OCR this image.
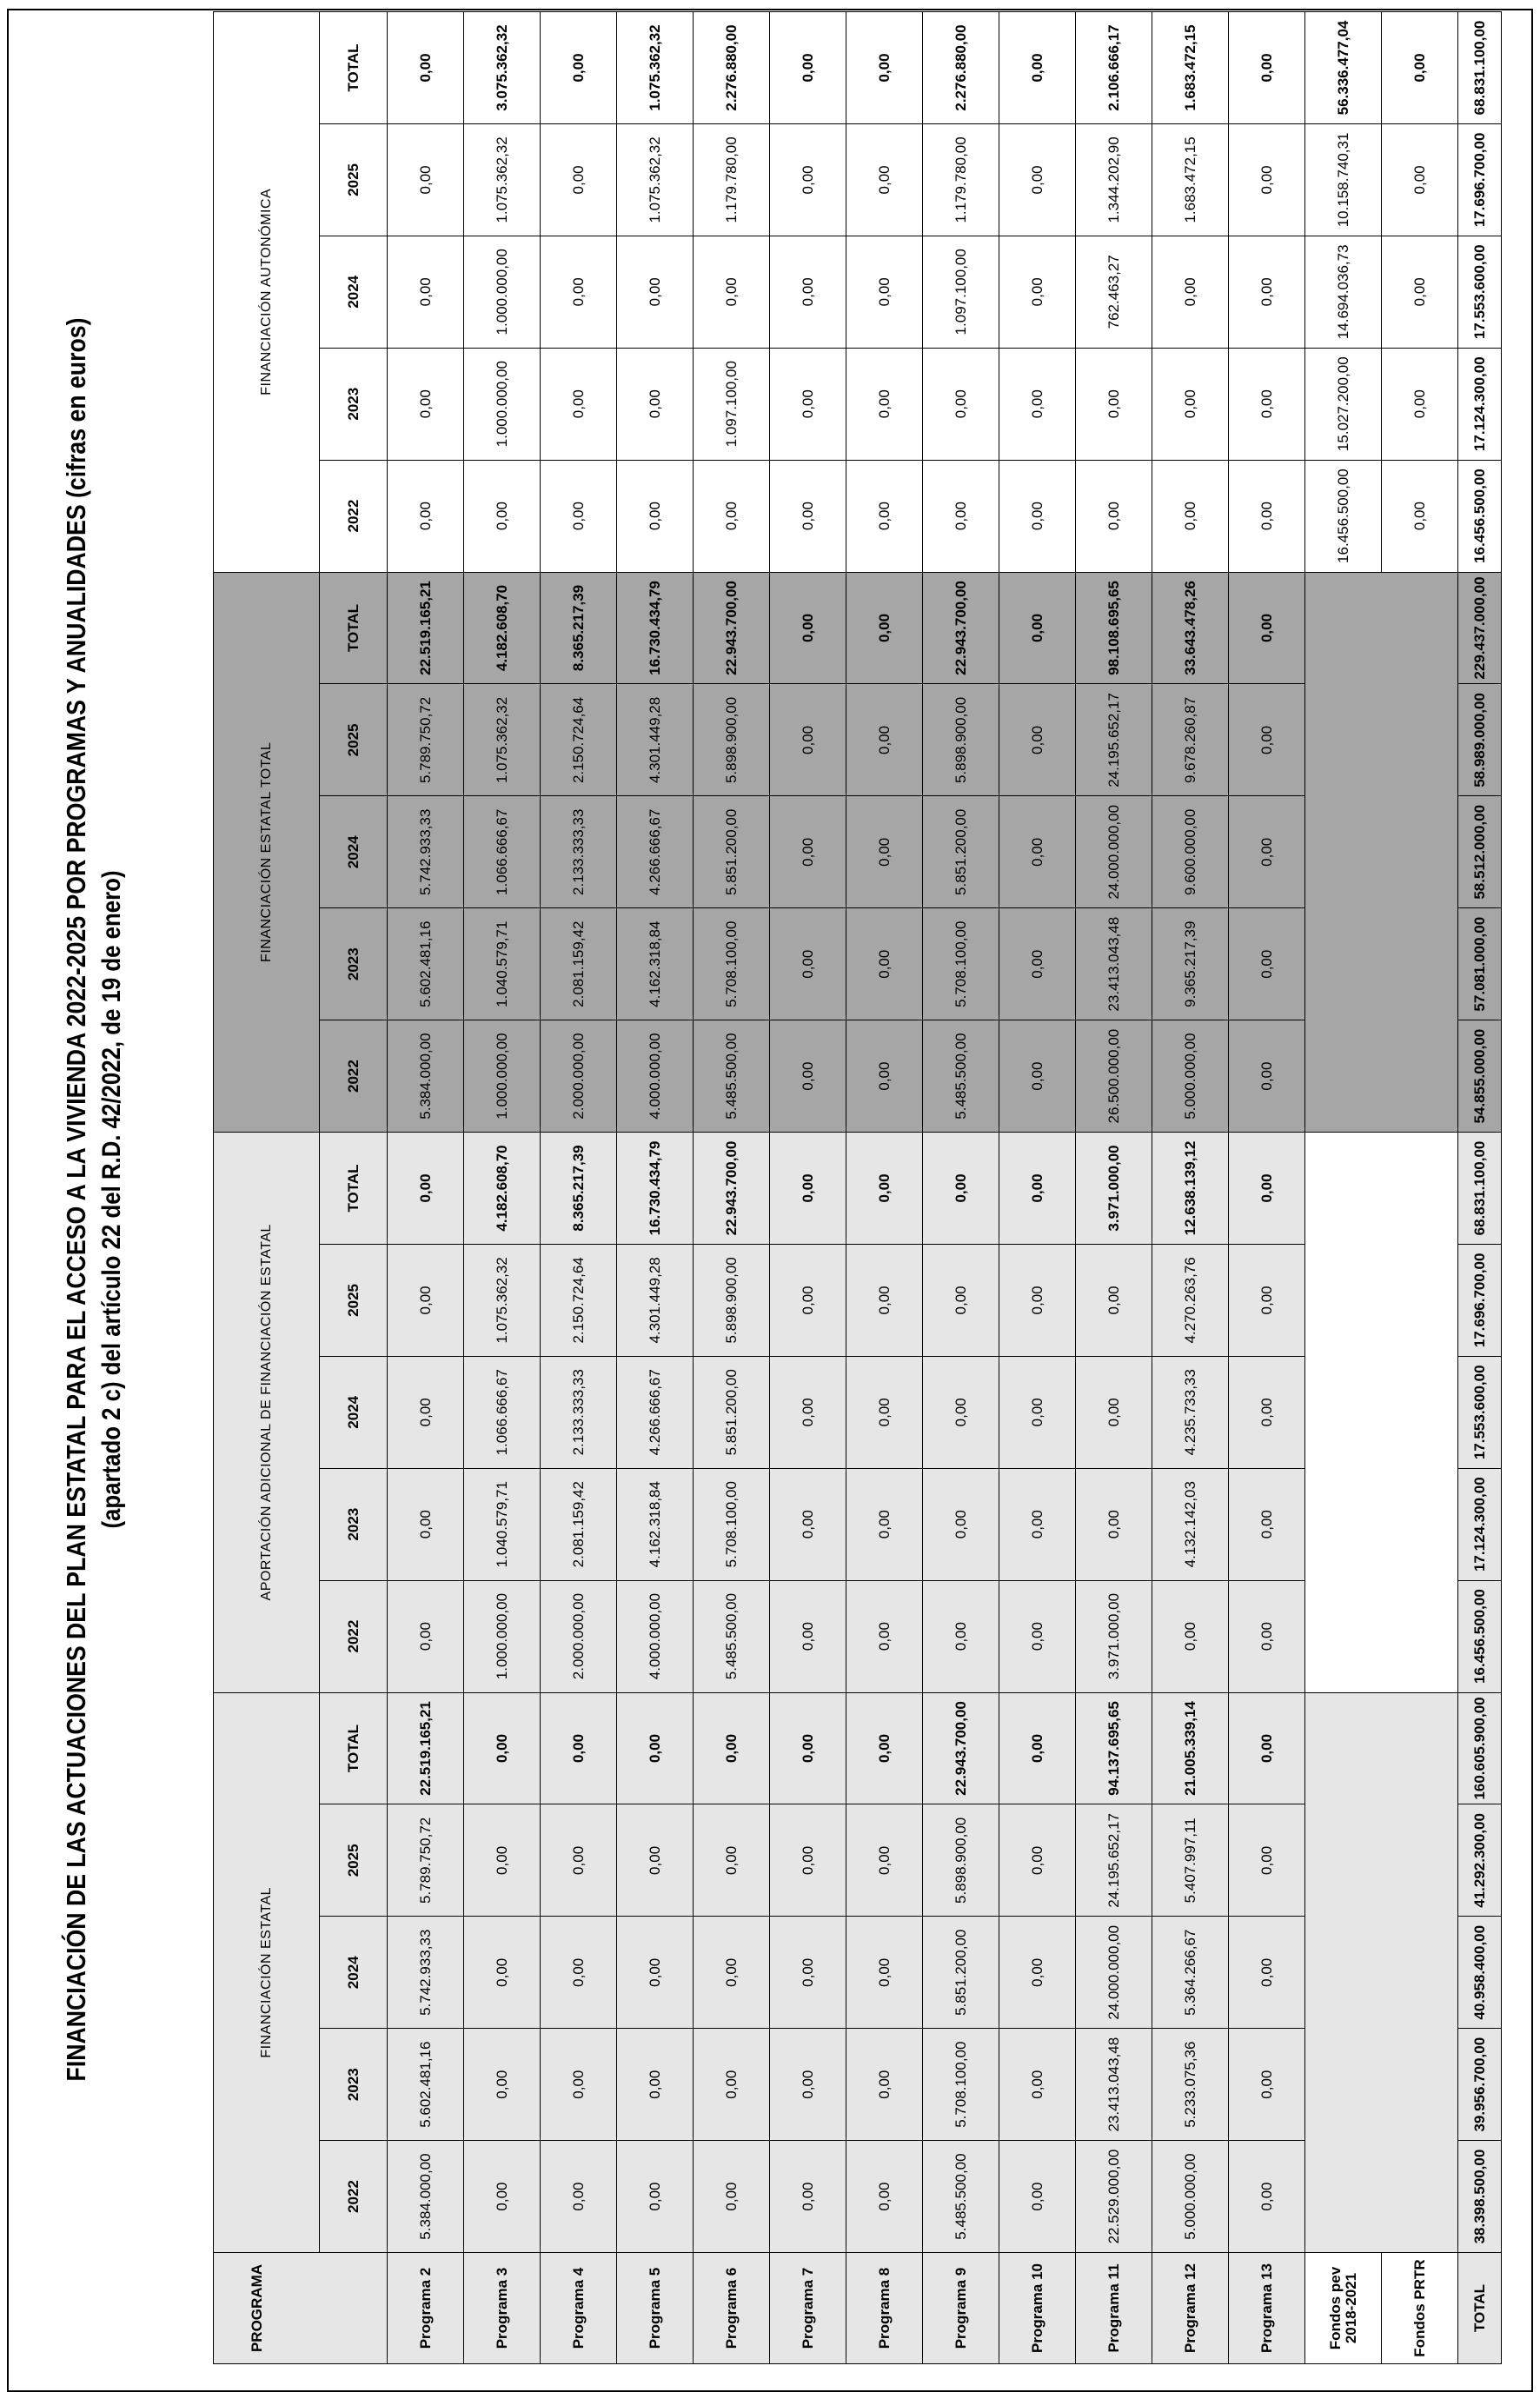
FINANCIACIÓN DE LAS ACTUACIONES DEL PLAN ESTATAL PARA EL ACCESO A LA VIVIENDA 2022-2025 POR PROGRAMAS Y ANUALIDADES (cifras en euros) (apartado 2 c) del artículo 22 del R.D. 42/2022, de 19 de enero)
PROGRAMA	FINANCIACIÓN ESTATAL					APORTACIÓN ADICIONAL DE FINANCIACIÓN ESTATAL					FINANCIACIÓN ESTATAL TOTAL					FINANCIACIÓN AUTONÓMICA				
	2022	2023	2024	2025	TOTAL	2022	2023	2024	2025	TOTAL	2022	2023	2024	2025	TOTAL	2022	2023	2024	2025	TOTAL
Programa 2	5.384.000,00	5.602.481,16	5.742.933,33	5.789.750,72	22.519.165,21	0,00	0,00	0,00	0,00	0,00	5.384.000,00	5.602.481,16	5.742.933,33	5.789.750,72	22.519.165,21	0,00	0,00	0,00	0,00	0,00
Programa 3	0,00	0,00	0,00	0,00	0,00	1.000.000,00	1.040.579,71	1.066.666,67	1.075.362,32	4.182.608,70	1.000.000,00	1.040.579,71	1.066.666,67	1.075.362,32	4.182.608,70	0,00	1.000.000,00	1.000.000,00	1.075.362,32	3.075.362,32
Programa 4	0,00	0,00	0,00	0,00	0,00	2.000.000,00	2.081.159,42	2.133.333,33	2.150.724,64	8.365.217,39	2.000.000,00	2.081.159,42	2.133.333,33	2.150.724,64	8.365.217,39	0,00	0,00	0,00	0,00	0,00
Programa 5	0,00	0,00	0,00	0,00	0,00	4.000.000,00	4.162.318,84	4.266.666,67	4.301.449,28	16.730.434,79	4.000.000,00	4.162.318,84	4.266.666,67	4.301.449,28	16.730.434,79	0,00	0,00	0,00	1.075.362,32	1.075.362,32
Programa 6	0,00	0,00	0,00	0,00	0,00	5.485.500,00	5.708.100,00	5.851.200,00	5.898.900,00	22.943.700,00	5.485.500,00	5.708.100,00	5.851.200,00	5.898.900,00	22.943.700,00	0,00	1.097.100,00	0,00	1.179.780,00	2.276.880,00
Programa 7	0,00	0,00	0,00	0,00	0,00	0,00	0,00	0,00	0,00	0,00	0,00	0,00	0,00	0,00	0,00	0,00	0,00	0,00	0,00	0,00
Programa 8	0,00	0,00	0,00	0,00	0,00	0,00	0,00	0,00	0,00	0,00	0,00	0,00	0,00	0,00	0,00	0,00	0,00	0,00	0,00	0,00
Programa 9	5.485.500,00	5.708.100,00	5.851.200,00	5.898.900,00	22.943.700,00	0,00	0,00	0,00	0,00	0,00	5.485.500,00	5.708.100,00	5.851.200,00	5.898.900,00	22.943.700,00	0,00	0,00	1.097.100,00	1.179.780,00	2.276.880,00
Programa 10	0,00	0,00	0,00	0,00	0,00	0,00	0,00	0,00	0,00	0,00	0,00	0,00	0,00	0,00	0,00	0,00	0,00	0,00	0,00	0,00
Programa 11	22.529.000,00	23.413.043,48	24.000.000,00	24.195.652,17	94.137.695,65	3.971.000,00	0,00	0,00	0,00	3.971.000,00	26.500.000,00	23.413.043,48	24.000.000,00	24.195.652,17	98.108.695,65	0,00	0,00	762.463,27	1.344.202,90	2.106.666,17
Programa 12	5.000.000,00	5.233.075,36	5.364.266,67	5.407.997,11	21.005.339,14	0,00	4.132.142,03	4.235.733,33	4.270.263,76	12.638.139,12	5.000.000,00	9.365.217,39	9.600.000,00	9.678.260,87	33.643.478,26	0,00	0,00	0,00	1.683.472,15	1.683.472,15
Programa 13	0,00	0,00	0,00	0,00	0,00	0,00	0,00	0,00	0,00	0,00	0,00	0,00	0,00	0,00	0,00	0,00	0,00	0,00	0,00	0,00
Fondos pev 2018-2021																16.456.500,00	15.027.200,00	14.694.036,73	10.158.740,31	56.336.477,04
Fondos PRTR																0,00	0,00	0,00	0,00	0,00
TOTAL	38.398.500,00	39.956.700,00	40.958.400,00	41.292.300,00	160.605.900,00	16.456.500,00	17.124.300,00	17.553.600,00	17.696.700,00	68.831.100,00	54.855.000,00	57.081.000,00	58.512.000,00	58.989.000,00	229.437.000,00	16.456.500,00	17.124.300,00	17.553.600,00	17.696.700,00	68.831.100,00
